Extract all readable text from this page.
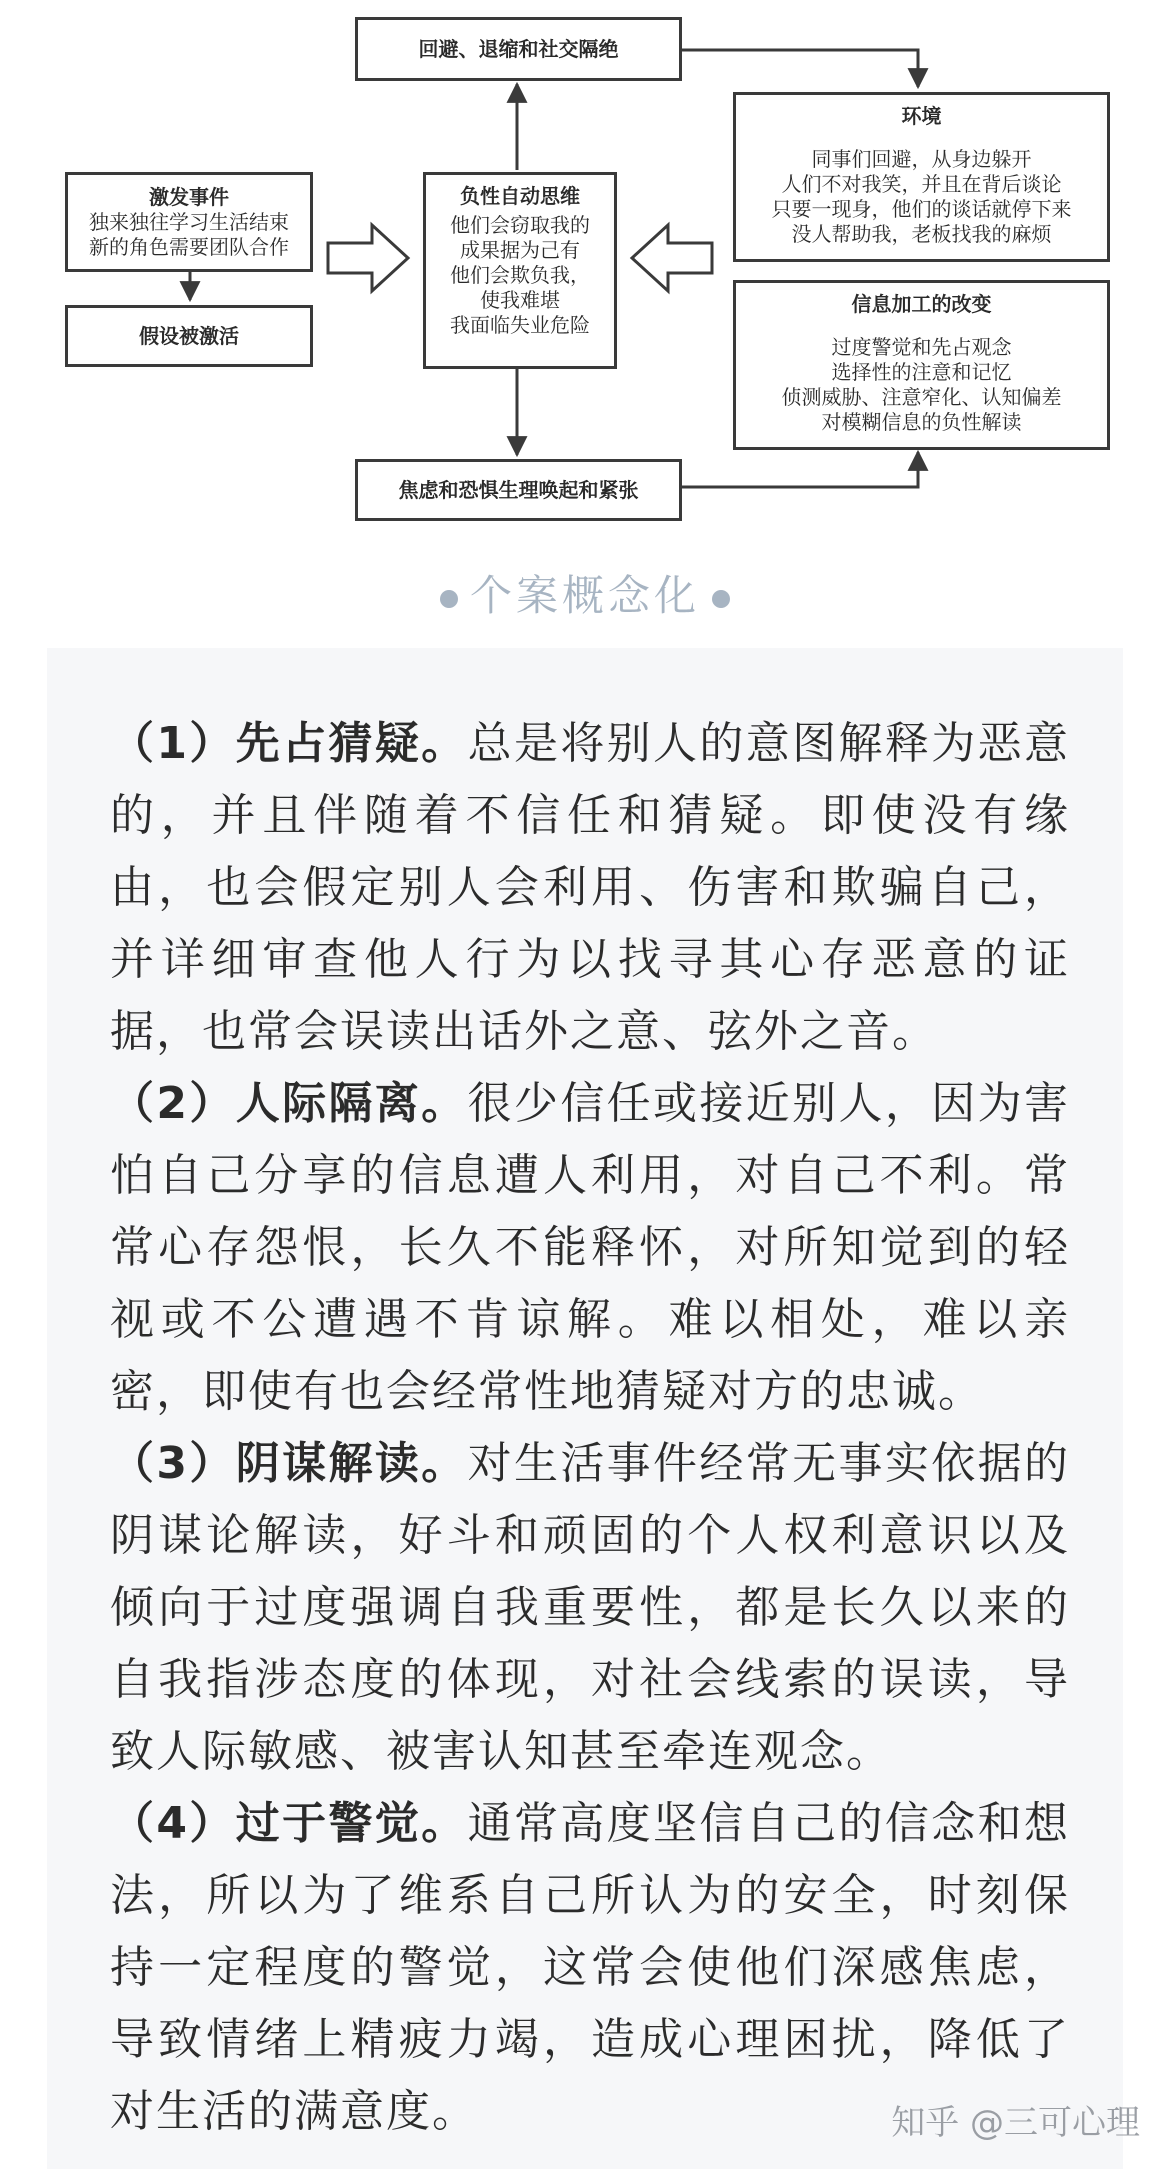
回避、退缩和社交隔绝
环境
同事们回避，从身边躲开
人们不对我笑，并且在背后谈论
只要一现身，他们的谈话就停下来
没人帮助我，老板找我的麻烦
激发事件
独来独往学习生活结束
新的角色需要团队合作
假设被激活
负性自动思维
他们会窃取我的
成果据为己有
他们会欺负我，
使我难堪
我面临失业危险
信息加工的改变
过度警觉和先占观念
选择性的注意和记忆
侦测威胁、注意窄化、认知偏差
对模糊信息的负性解读
焦虑和恐惧生理唤起和紧张
个案概念化

（1）先占猜疑。总是将别人的意图解释为恶意的，并且伴随着不信任和猜疑。即使没有缘由，也会假定别人会利用、伤害和欺骗自己，并详细审查他人行为以找寻其心存恶意的证据，也常会误读出话外之意、弦外之音。

（2）人际隔离。很少信任或接近别人，因为害怕自己分享的信息遭人利用，对自己不利。常常心存怨恨，长久不能释怀，对所知觉到的轻视或不公遭遇不肯谅解。难以相处，难以亲密，即使有也会经常性地猜疑对方的忠诚。

（3）阴谋解读。对生活事件经常无事实依据的阴谋论解读，好斗和顽固的个人权利意识以及倾向于过度强调自我重要性，都是长久以来的自我指涉态度的体现，对社会线索的误读，导致人际敏感、被害认知甚至牵连观念。

（4）过于警觉。通常高度坚信自己的信念和想法，所以为了维系自己所认为的安全，时刻保持一定程度的警觉，这常会使他们深感焦虑，导致情绪上精疲力竭，造成心理困扰，降低了对生活的满意度。	知乎 @三可心理
